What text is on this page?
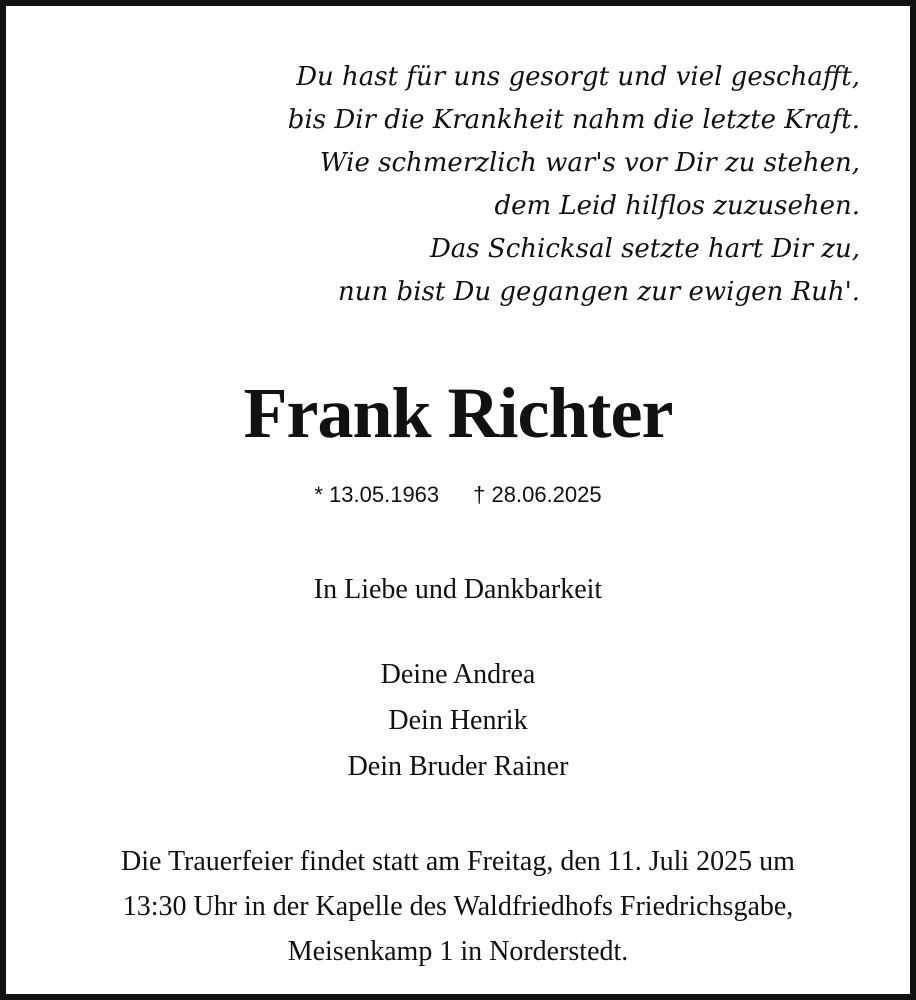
Du hast für uns gesorgt und viel geschafft,
bis Dir die Krankheit nahm die letzte Kraft.
Wie schmerzlich war's vor Dir zu stehen,
dem Leid hilflos zuzusehen.
Das Schicksal setzte hart Dir zu,
nun bist Du gegangen zur ewigen Ruh'.
Frank Richter
* 13.05.1963 † 28.06.2025
In Liebe und Dankbarkeit
Deine Andrea
Dein Henrik
Dein Bruder Rainer
Die Trauerfeier findet statt am Freitag, den 11. Juli 2025 um
13:30 Uhr in der Kapelle des Waldfriedhofs Friedrichsgabe,
Meisenkamp 1 in Norderstedt.
